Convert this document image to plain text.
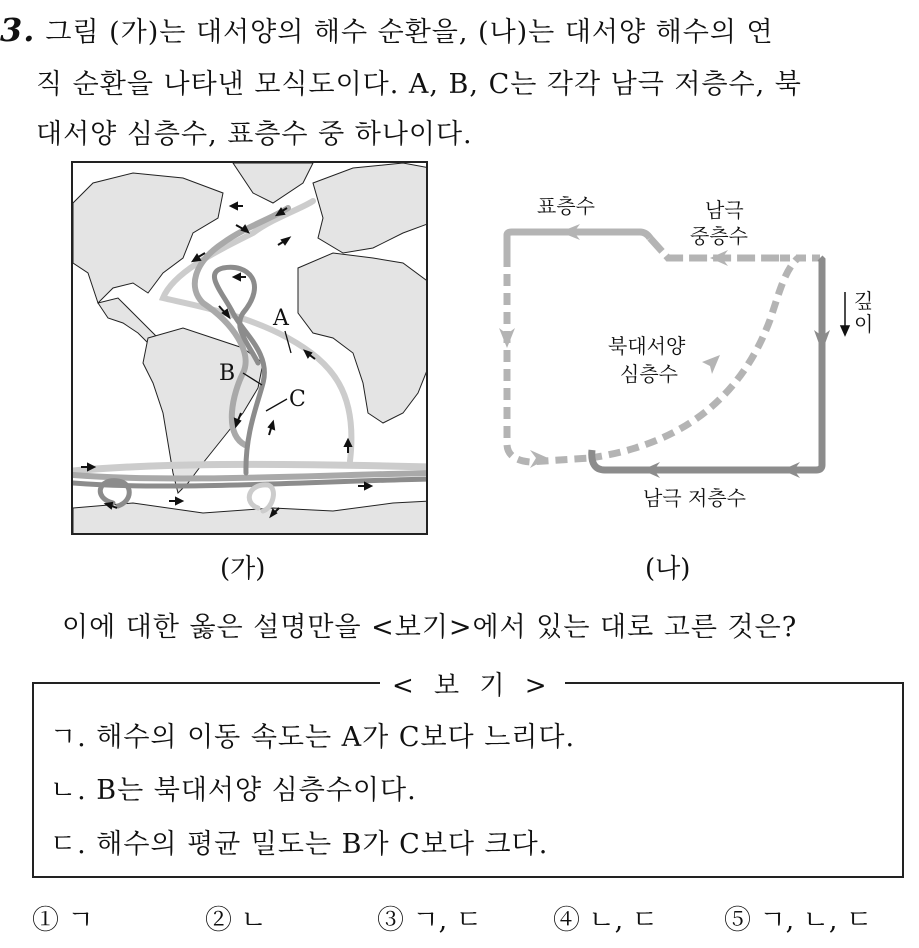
3. 그림 (가)는 대서양의 해수 순환을, (나)는 대서양 해수의 연
직 순환을 나타낸 모식도이다. A, B, C는 각각 남극 저층수, 북
대서양 심층수, 표층수 중 하나이다.
A
B
C
(가)
표층수	남극
중층수
깊
이
북대서양
심층수
남극 저층수
(나)
이에 대한 옳은 설명만을 <보기>에서 있는 대로 고른 것은?
< 보 기 >
ㄱ. 해수의 이동 속도는 A가 C보다 느리다.
ㄴ. B는 북대서양 심층수이다.
ㄷ. 해수의 평균 밀도는 B가 C보다 크다.
① ㄱ	② ㄴ	③ ㄱ, ㄷ	④ ㄴ, ㄷ ⑤ ㄱ, ㄴ, ㄷ
